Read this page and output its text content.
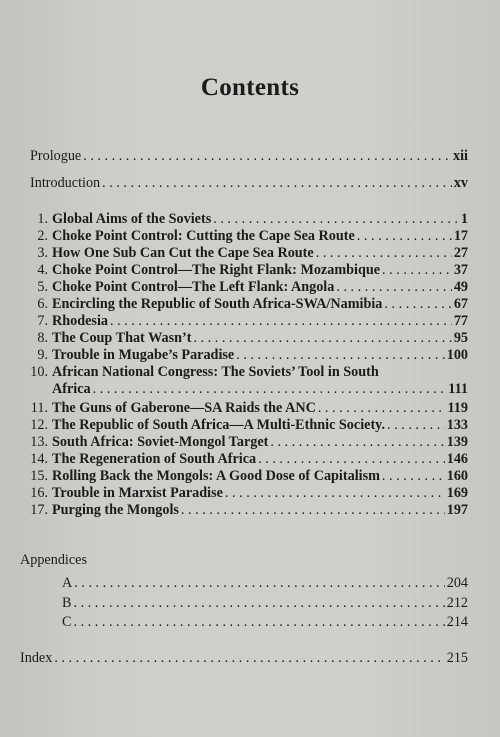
Contents
Prologue . . .	xii
Introduction . . .	xv
1. Global Aims of the Soviets . . .	1
2. Choke Point Control: Cutting the Cape Sea Route . . .	17
3. How One Sub Can Cut the Cape Sea Route . . .	27
4. Choke Point Control—The Right Flank: Mozambique . . .	37
5. Choke Point Control—The Left Flank: Angola . . .	49
6. Encircling the Republic of South Africa-SWA/Namibia . . .	67
7. Rhodesia . . .	77
8. The Coup That Wasn’t . . .	95
9. Trouble in Mugabe’s Paradise . . .	100
10. African National Congress: The Soviets’ Tool in South
Africa . . .	111
11. The Guns of Gaberone—SA Raids the ANC . . .	119
12. The Republic of South Africa—A Multi-Ethnic Society. . . .	133
13. South Africa: Soviet-Mongol Target . . .	139
14. The Regeneration of South Africa . . .	146
15. Rolling Back the Mongols: A Good Dose of Capitalism . . .	160
16. Trouble in Marxist Paradise . . .	169
17. Purging the Mongols . . .	197
Appendices
A . . .	204
B . . .	212
C . . .	214
Index . . .	215
